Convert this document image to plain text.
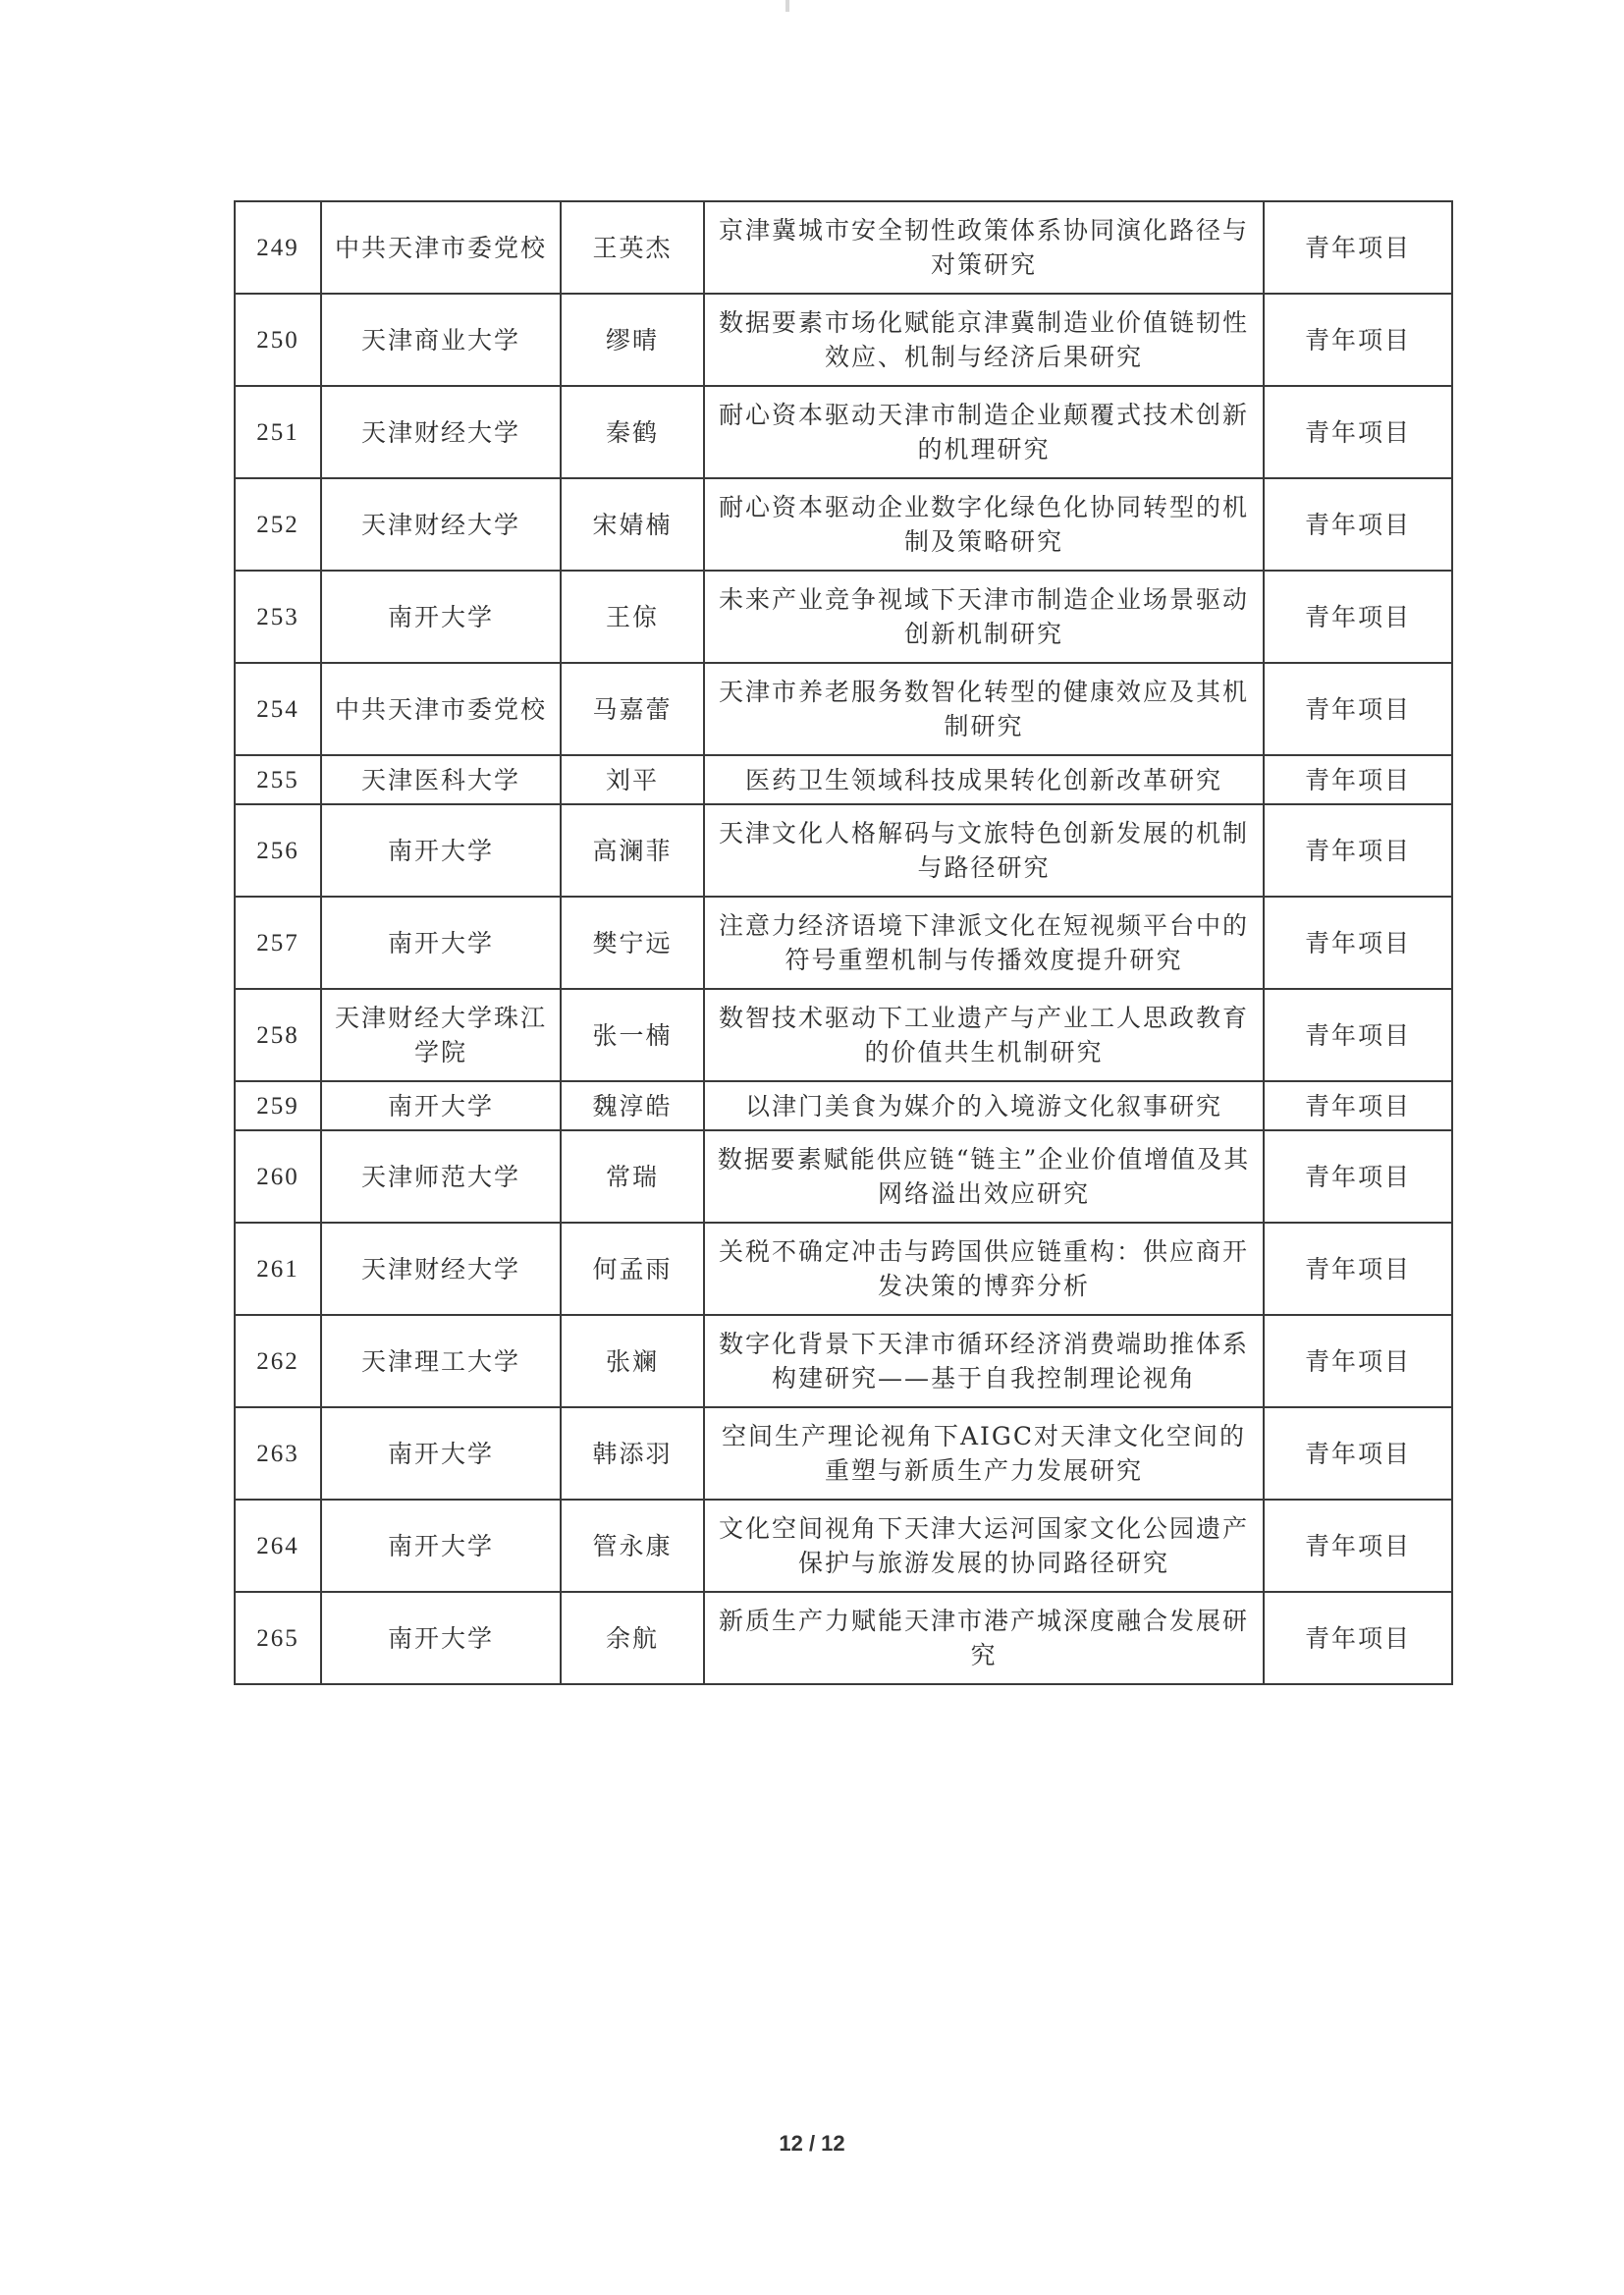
249	中共天津市委党校	王英杰	京津冀城市安全韧性政策体系协同演化路径与对策研究	青年项目
250	天津商业大学	缪晴	数据要素市场化赋能京津冀制造业价值链韧性效应、机制与经济后果研究	青年项目
251	天津财经大学	秦鹤	耐心资本驱动天津市制造企业颠覆式技术创新的机理研究	青年项目
252	天津财经大学	宋婧楠	耐心资本驱动企业数字化绿色化协同转型的机制及策略研究	青年项目
253	南开大学	王倞	未来产业竞争视域下天津市制造企业场景驱动创新机制研究	青年项目
254	中共天津市委党校	马嘉蕾	天津市养老服务数智化转型的健康效应及其机制研究	青年项目
255	天津医科大学	刘平	医药卫生领域科技成果转化创新改革研究	青年项目
256	南开大学	高澜菲	天津文化人格解码与文旅特色创新发展的机制与路径研究	青年项目
257	南开大学	樊宁远	注意力经济语境下津派文化在短视频平台中的符号重塑机制与传播效度提升研究	青年项目
258	天津财经大学珠江学院	张一楠	数智技术驱动下工业遗产与产业工人思政教育的价值共生机制研究	青年项目
259	南开大学	魏淳皓	以津门美食为媒介的入境游文化叙事研究	青年项目
260	天津师范大学	常瑞	数据要素赋能供应链“链主”企业价值增值及其网络溢出效应研究	青年项目
261	天津财经大学	何孟雨	关税不确定冲击与跨国供应链重构：供应商开发决策的博弈分析	青年项目
262	天津理工大学	张斓	数字化背景下天津市循环经济消费端助推体系构建研究——基于自我控制理论视角	青年项目
263	南开大学	韩添羽	空间生产理论视角下AIGC对天津文化空间的重塑与新质生产力发展研究	青年项目
264	南开大学	管永康	文化空间视角下天津大运河国家文化公园遗产保护与旅游发展的协同路径研究	青年项目
265	南开大学	余航	新质生产力赋能天津市港产城深度融合发展研究	青年项目
12 / 12
